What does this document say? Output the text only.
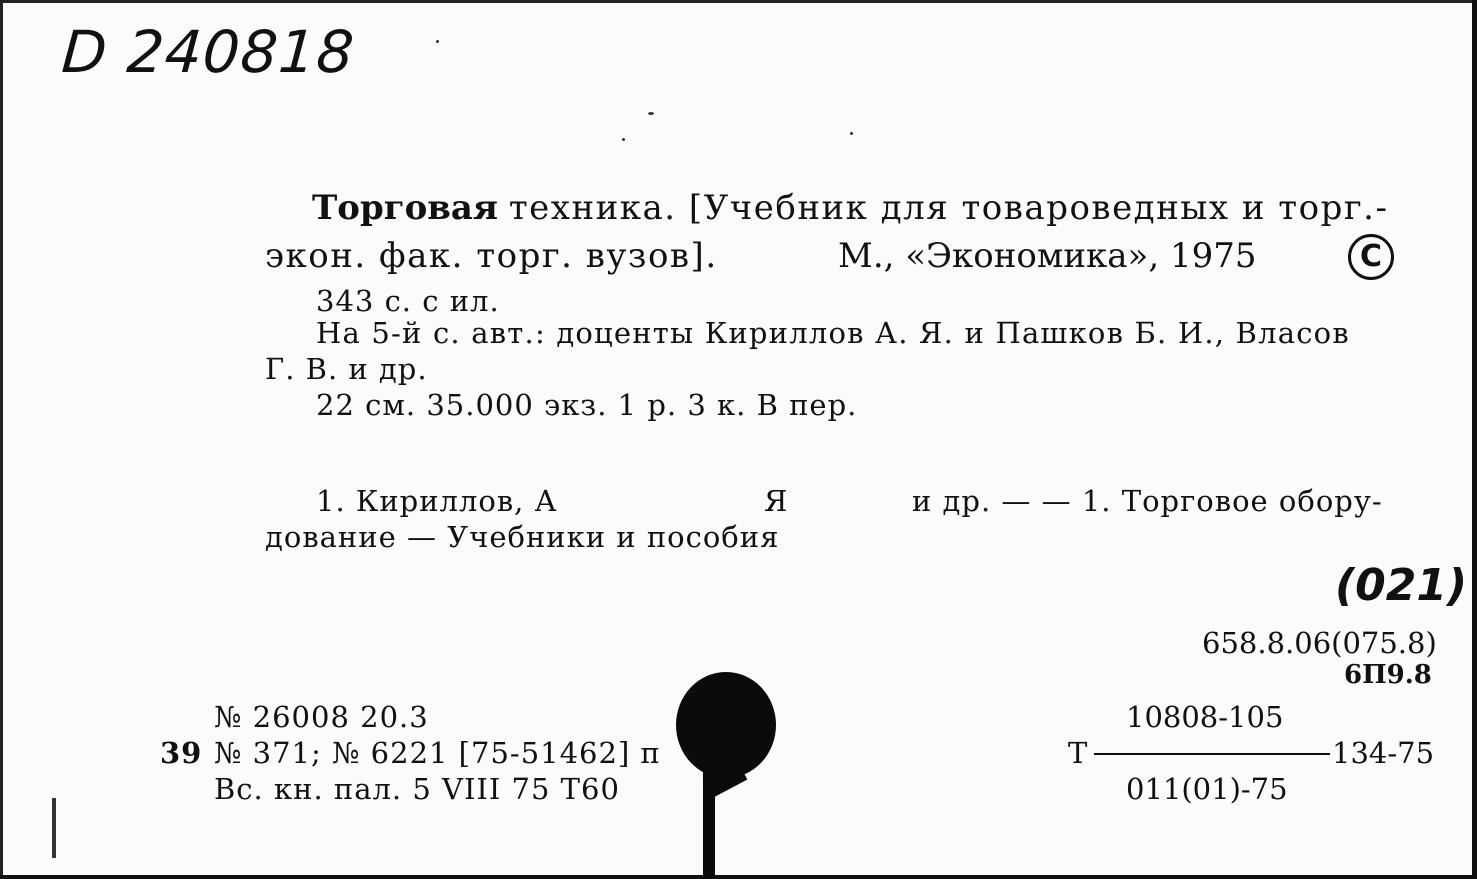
D 240818
Торговая техника. [Учебник для товароведных и торг.-
экон. фак. торг. вузов].	М., «Экономика», 1975	C
343 с. с ил.
На 5-й с. авт.: доценты Кириллов А. Я. и Пашков Б. И., Власов
Г. В. и др.
22 см. 35.000 экз. 1 р. 3 к. В пер.
1. Кириллов, А	Я	и др. — — 1. Торговое обору-
дование — Учебники и пособия
(021)
658.8.06(075.8)
6П9.8
10808-105
Т	134-75
011(01)-75
№ 26008 20.3
39 № 371; № 6221 [75-51462] п
Вс. кн. пал. 5 VIII 75 Т60
